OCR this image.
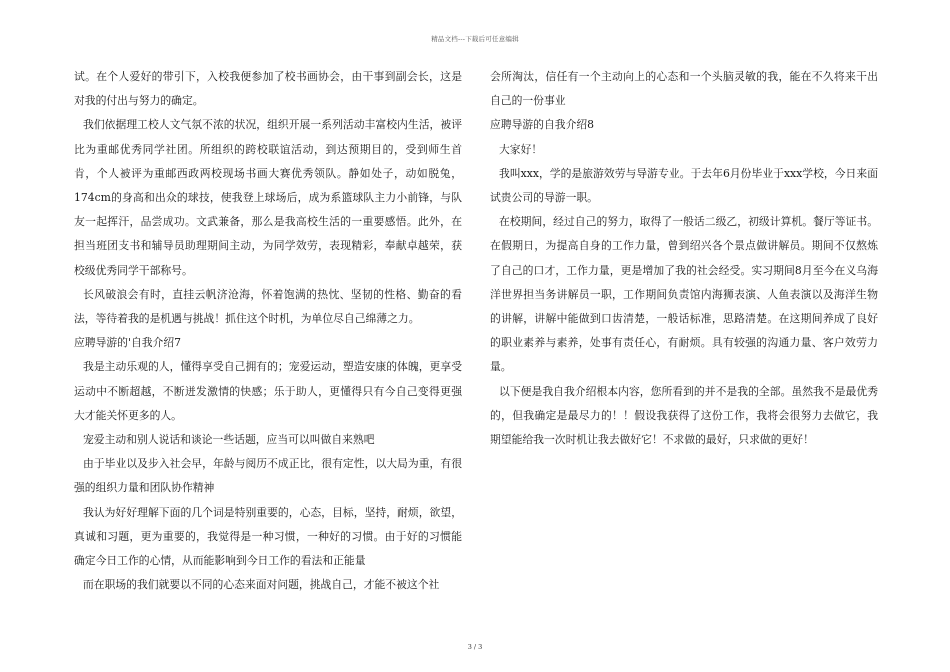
精品文档---下载后可任意编辑

试。在个人爱好的带引下，入校我便参加了校书画协会，由干事到副会长，这是对我的付出与努力的确定。

我们依据理工校人文气氛不浓的状况，组织开展一系列活动丰富校内生活，被评比为重邮优秀同学社团。所组织的跨校联谊活动，到达预期目的，受到师生首肯，个人被评为重邮西政两校现场书画大赛优秀领队。静如处子，动如脱兔，174cm的身高和出众的球技，使我登上球场后，成为系篮球队主力小前锋，与队友一起挥汗，品尝成功。文武兼备，那么是我高校生活的一重要感悟。此外，在担当班团支书和辅导员助理期间主动，为同学效劳，表现精彩，奉献卓越荣，获校级优秀同学干部称号。

长风破浪会有时，直挂云帆济沧海，怀着饱满的热忱、坚韧的性格、勤奋的看法，等待着我的是机遇与挑战！抓住这个时机，为单位尽自己绵薄之力。

应聘导游的'自我介绍7

我是主动乐观的人，懂得享受自己拥有的；宠爱运动，塑造安康的体魄，更享受运动中不断超越，不断迸发激情的快感；乐于助人，更懂得只有今自己变得更强大才能关怀更多的人。

宠爱主动和别人说话和谈论一些话题，应当可以叫做自来熟吧

由于毕业以及步入社会早，年龄与阅历不成正比，很有定性，以大局为重，有很强的组织力量和团队协作精神

我认为好好理解下面的几个词是特别重要的，心态，目标，坚持，耐烦，欲望，真诚和习题，更为重要的，我觉得是一种习惯，一种好的习惯。由于好的习惯能确定今日工作的心情，从而能影响到今日工作的看法和正能量

而在职场的我们就要以不同的心态来面对问题，挑战自己，才能不被这个社

会所淘汰，信任有一个主动向上的心态和一个头脑灵敏的我，能在不久将来干出自己的一份事业

应聘导游的自我介绍8

大家好！

我叫xxx，学的是旅游效劳与导游专业。于去年6月份毕业于xxx学校，今日来面试贵公司的导游一职。

在校期间，经过自己的努力，取得了一般话二级乙，初级计算机。餐厅等证书。在假期日，为提高自身的工作力量，曾到绍兴各个景点做讲解员。期间不仅熬炼了自己的口才，工作力量，更是增加了我的社会经受。实习期间8月至今在义乌海洋世界担当务讲解员一职，工作期间负责馆内海狮表演、人鱼表演以及海洋生物的讲解，讲解中能做到口齿清楚，一般话标准，思路清楚。在这期间养成了良好的职业素养与素养，处事有责任心，有耐烦。具有较强的沟通力量、客户效劳力量。

以下便是我自我介绍根本内容，您所看到的并不是我的全部。虽然我不是最优秀的，但我确定是最尽力的！！假设我获得了这份工作，我将会很努力去做它，我期望能给我一次时机让我去做好它！不求做的最好，只求做的更好！

3 / 3
